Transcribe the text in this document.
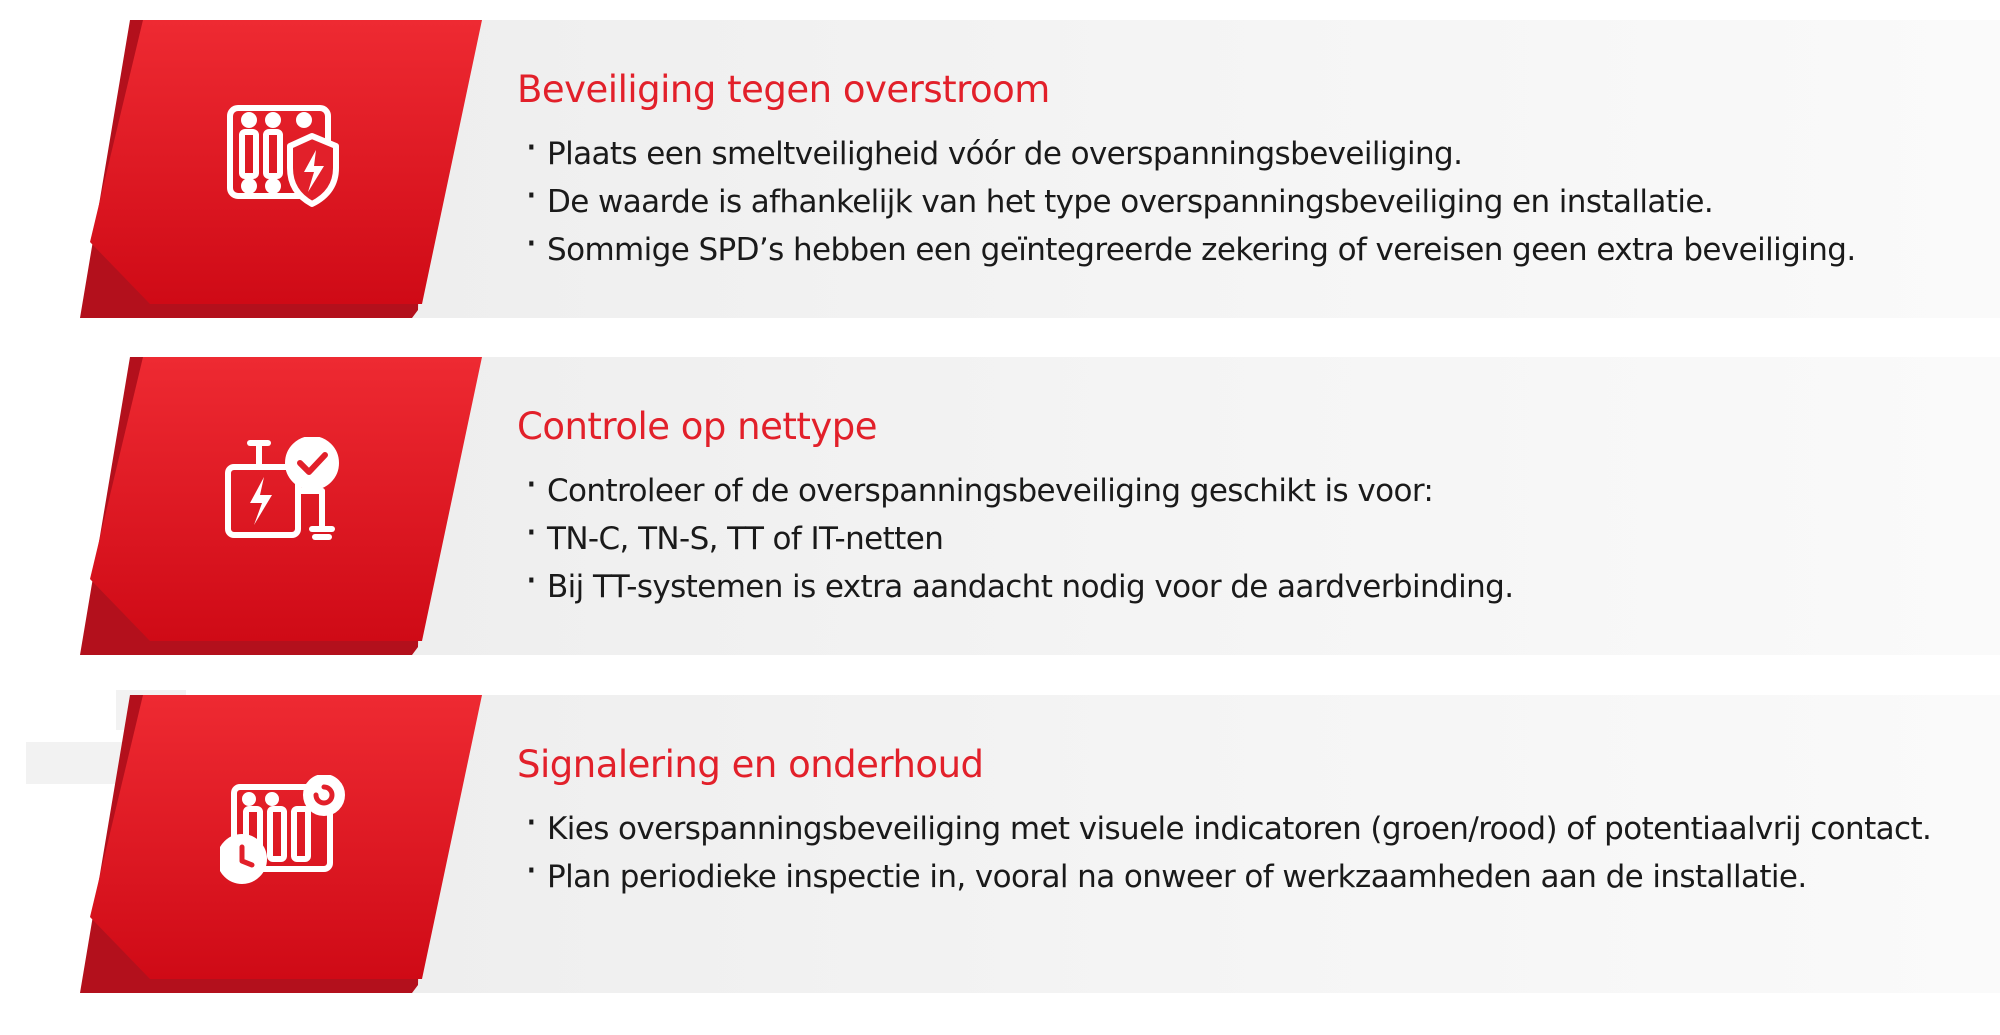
Beveiliging tegen overstroom
· Plaats een smeltveiligheid vóór de overspanningsbeveiliging.
· De waarde is afhankelijk van het type overspanningsbeveiliging en installatie.
· Sommige SPD’s hebben een geïntegreerde zekering of vereisen geen extra beveiliging.
Controle op nettype
· Controleer of de overspanningsbeveiliging geschikt is voor:
· TN-C, TN-S, TT of IT-netten
· Bij TT-systemen is extra aandacht nodig voor de aardverbinding.
Signalering en onderhoud
· Kies overspanningsbeveiliging met visuele indicatoren (groen/rood) of potentiaalvrij contact.
· Plan periodieke inspectie in, vooral na onweer of werkzaamheden aan de installatie.
